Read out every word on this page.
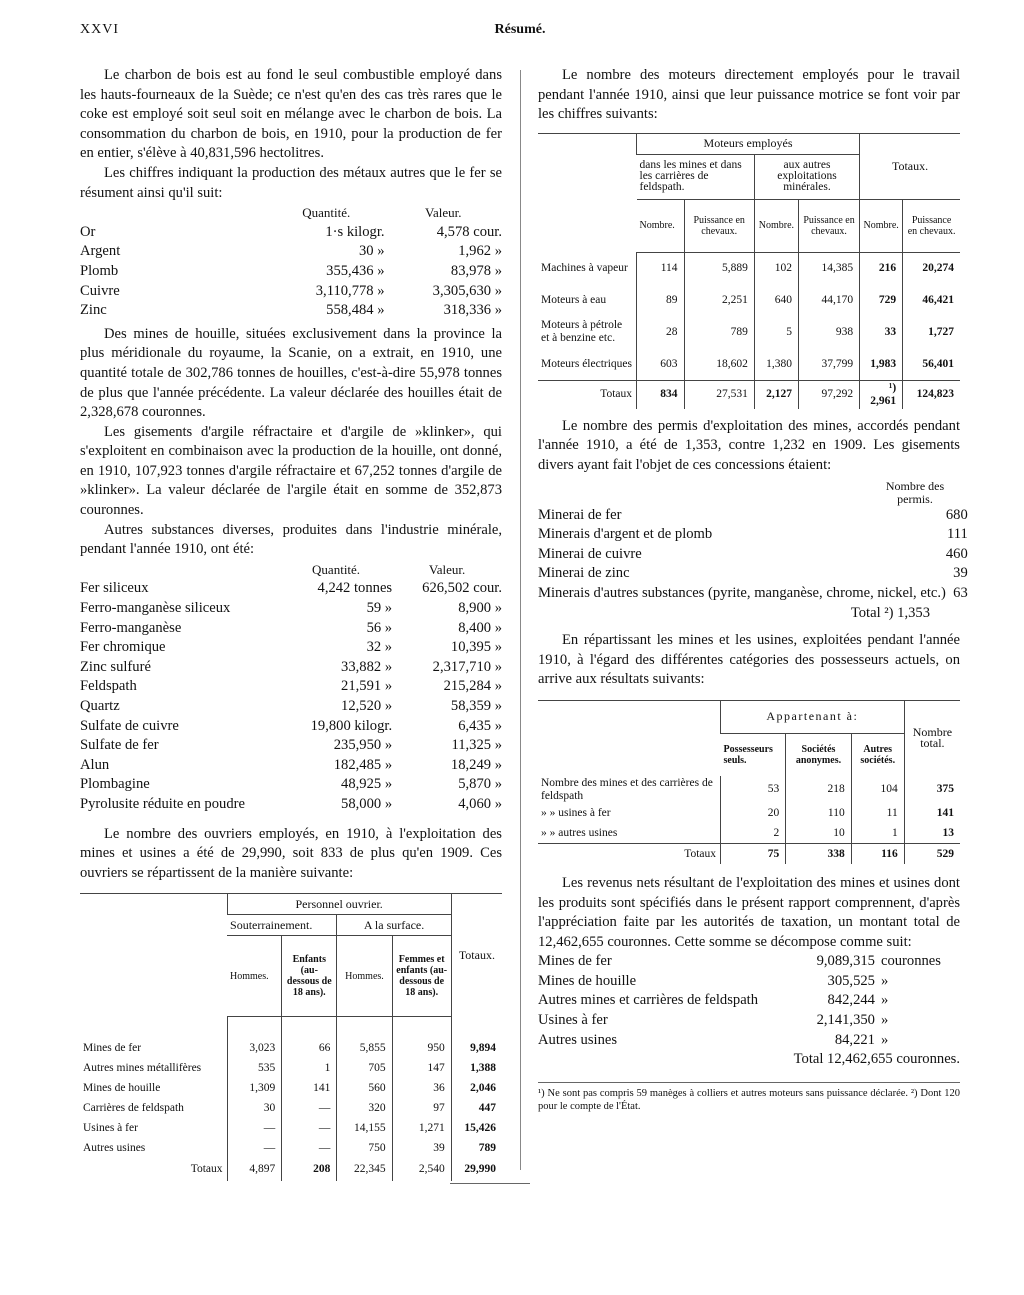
XXVI	Résumé.

Le charbon de bois est au fond le seul combustible employé dans les hauts-fourneaux de la Suède; ce n'est qu'en des cas très rares que le coke est employé soit seul soit en mélange avec le charbon de bois. La consommation du charbon de bois, en 1910, pour la production de fer en entier, s'élève à 40,831,596 hectolitres.

Les chiffres indiquant la production des métaux autres que le fer se résument ainsi qu'il suit:

	Quantité.	Valeur.
Or	1·s kilogr.	4,578 cour.
Argent	30 »	1,962 »
Plomb	355,436 »	83,978 »
Cuivre	3,110,778 »	3,305,630 »
Zinc	558,484 »	318,336 »

Des mines de houille, situées exclusivement dans la province la plus méridionale du royaume, la Scanie, on a extrait, en 1910, une quantité totale de 302,786 tonnes de houilles, c'est-à-dire 55,978 tonnes de plus que l'année précédente. La valeur déclarée des houilles était de 2,328,678 couronnes.

Les gisements d'argile réfractaire et d'argile de »klinker», qui s'exploitent en combinaison avec la production de la houille, ont donné, en 1910, 107,923 tonnes d'argile réfractaire et 67,252 tonnes d'argile de »klinker». La valeur déclarée de l'argile était en somme de 352,873 couronnes.

Autres substances diverses, produites dans l'industrie minérale, pendant l'année 1910, ont été:

	Quantité.	Valeur.
Fer siliceux	4,242 tonnes	626,502 cour.
Ferro-manganèse siliceux	59 »	8,900 »
Ferro-manganèse	56 »	8,400 »
Fer chromique	32 »	10,395 »
Zinc sulfuré	33,882 »	2,317,710 »
Feldspath	21,591 »	215,284 »
Quartz	12,520 »	58,359 »
Sulfate de cuivre	19,800 kilogr.	6,435 »
Sulfate de fer	235,950 »	11,325 »
Alun	182,485 »	18,249 »
Plombagine	48,925 »	5,870 »
Pyrolusite réduite en poudre	58,000 »	4,060 »

Le nombre des ouvriers employés, en 1910, à l'exploitation des mines et usines a été de 29,990, soit 833 de plus qu'en 1909. Ces ouvriers se répartissent de la manière suivante:

	Personnel ouvrier.				Totaux.
	Souterrainement.		A la surface.		
	Hommes.	Enfants (au-dessous de 18 ans).	Hommes.	Femmes et enfants (au-dessous de 18 ans).	

Mines de fer	3,023	66	5,855	950	9,894
Autres mines métallifères	535	1	705	147	1,388
Mines de houille	1,309	141	560	36	2,046
Carrières de feldspath	30	—	320	97	447
Usines à fer	—	—	14,155	1,271	15,426
Autres usines	—	—	750	39	789
Totaux	4,897	208	22,345	2,540	29,990

Le nombre des moteurs directement employés pour le travail pendant l'année 1910, ainsi que leur puissance motrice se font voir par les chiffres suivants:

	Moteurs employés				Totaux.	
	dans les mines et dans les carrières de feldspath.		aux autres exploitations minérales.			
	Nombre.	Puissance en chevaux.	Nombre.	Puissance en chevaux.	Nombre.	Puissance en chevaux.
Machines à vapeur	114	5,889	102	14,385	216	20,274
Moteurs à eau	89	2,251	640	44,170	729	46,421
Moteurs à pétrole et à benzine etc.	28	789	5	938	33	1,727
Moteurs électriques	603	18,602	1,380	37,799	1,983	56,401
Totaux	834	27,531	2,127	97,292	¹) 2,961	124,823

Le nombre des permis d'exploitation des mines, accordés pendant l'année 1910, a été de 1,353, contre 1,232 en 1909. Les gisements divers ayant fait l'objet de ces concessions étaient:

Nombre des permis.
Minerai de fer	680
Minerais d'argent et de plomb	111
Minerai de cuivre	460
Minerai de zinc	39
Minerais d'autres substances (pyrite, manganèse, chrome, nickel, etc.)	63
Total ²) 1,353

En répartissant les mines et les usines, exploitées pendant l'année 1910, à l'égard des différentes catégories des possesseurs actuels, on arrive aux résultats suivants:

	Appartenant à:			Nombre total.
	Possesseurs seuls.	Sociétés anonymes.	Autres sociétés.	
Nombre des mines et des carrières de feldspath	53	218	104	375
» » usines à fer	20	110	11	141
» » autres usines	2	10	1	13
Totaux	75	338	116	529

Les revenus nets résultant de l'exploitation des mines et usines dont les produits sont spécifiés dans le présent rapport comprennent, d'après l'appréciation faite par les autorités de taxation, un montant total de 12,462,655 couronnes. Cette somme se décompose comme suit:

Mines de fer	9,089,315	couronnes
Mines de houille	305,525	»
Autres mines et carrières de feldspath	842,244	»
Usines à fer	2,141,350	»
Autres usines	84,221	»
Total 12,462,655 couronnes.

¹) Ne sont pas compris 59 manèges à colliers et autres moteurs sans puissance déclarée. ²) Dont 120 pour le compte de l'État.
